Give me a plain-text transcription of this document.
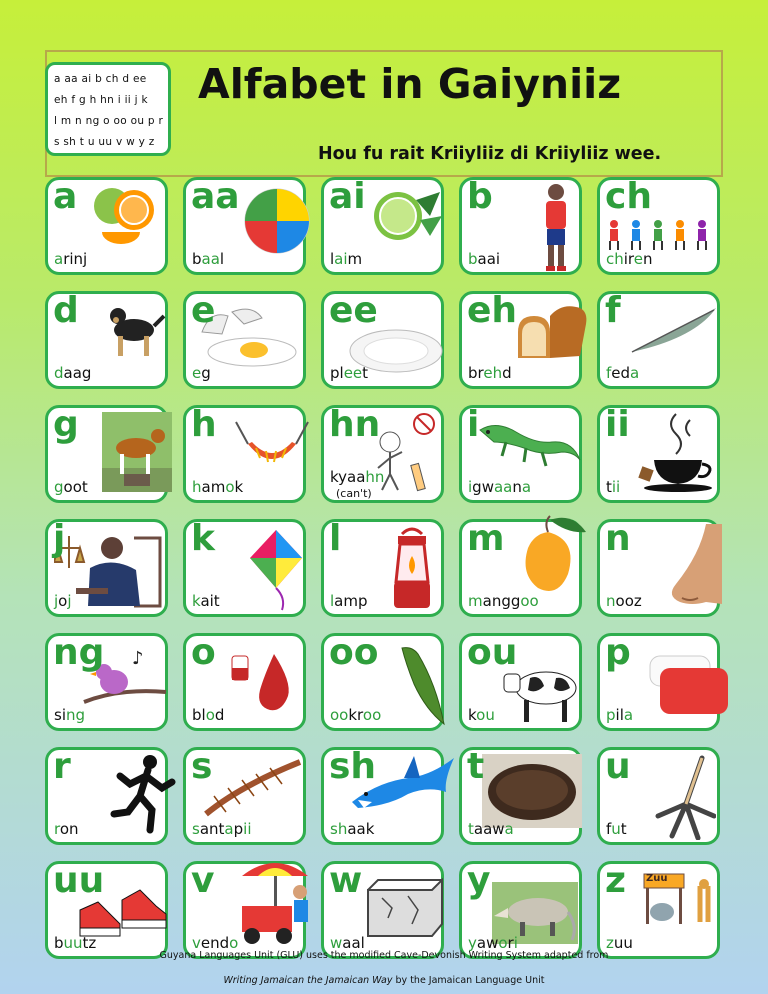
a aa ai b ch d ee
eh f g h hn i ii j k
l m n ng o oo ou p r
s sh t u uu v w y z
Alfabet in Gaiyniiz
Hou fu rait Kriiyliiz di Kriiyliiz wee.
a
arinj
aa
baal
ai
laim
b
baai
ch
chiren
d
daag
e
eg
ee
pleet
eh
brehd
f
feda
g
goot
h
hamok
hn
kyaahn
(can't)
i
igwaana
ii
tii
j
joj
k
kait
l
lamp
m
manggoo
n
nooz
♪
ng
sing
o
blod
oo
ookroo
ou
kou
p
pila
r
ron
s
santapii
sh
shaak
t
taawa
u
fut
uu
buutz
v
vendo
w
waal
y
yawori
Zuu
z
zuu
Guyana Languages Unit (GLU) uses the modified Cave-Devonish Writing System adapted from
Writing Jamaican the Jamaican Way by the Jamaican Language Unit
